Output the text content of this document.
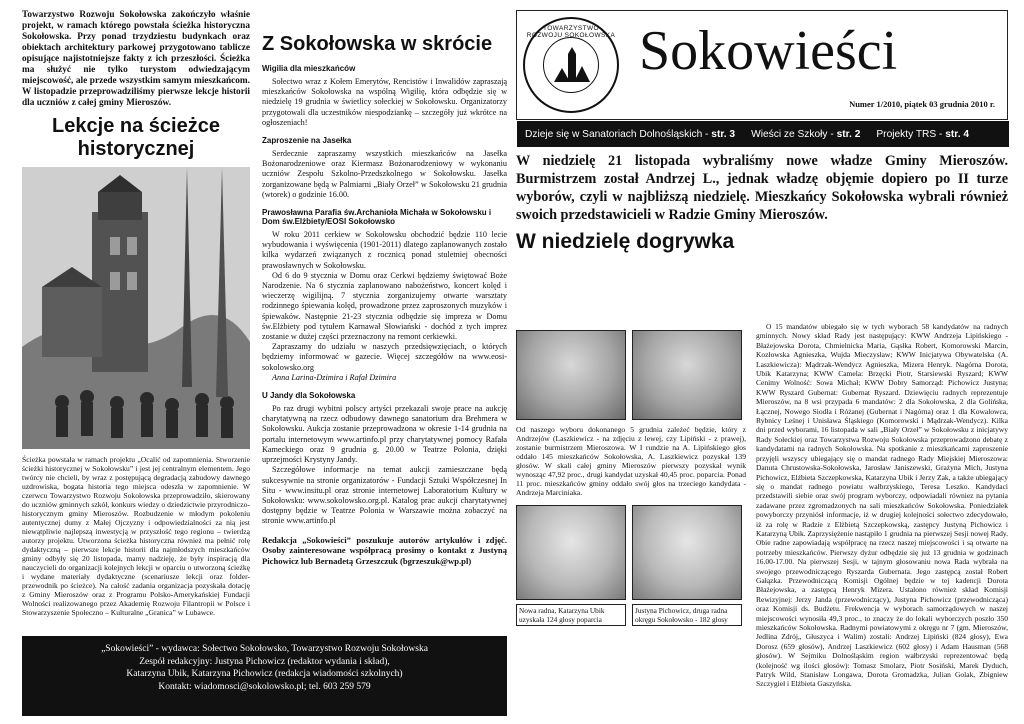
Towarzystwo Rozwoju Sokołowska zakończyło właśnie projekt, w ramach którego powstała ścieżka historyczna Sokołowska. Przy ponad trzydziestu budynkach oraz obiektach architektury parkowej przygotowano tablicze opisujące najistotniejsze fakty z ich przeszłości. Ścieżka ma służyć nie tylko turystom odwiedzającym miejscowość, ale przede wszystkim samym mieszkańcom. W listopadzie przeprowadziliśmy pierwsze lekcje historii dla uczniów z całej gminy Mieroszów.
Lekcje na ścieżce
historycznej
Ścieżka powstała w ramach projektu „Ocalić od zapomnienia. Stworzenie ścieżki historycznej w Sokołowsku” i jest jej centralnym elementem. Jego twórcy nie chcieli, by wraz z postępującą degradacją zabudowy dawnego uzdrowiska, bogata historia tego miejsca odeszła w zapomnienie. W czerwcu Towarzystwo Rozwoju Sokołowska przeprowadziło, skierowany do uczniów gminnych szkół, konkurs wiedzy o dziedzictwie przyrodniczo-historycznym gminy Mieroszów. Rozbudzenie w młodym pokoleniu autentycznej dumy z Małej Ojczyzny i odpowiedzialności za nią jest niewątpliwie najlepszą inwestycją w przyszłość tego regionu – twierdzą autorzy projektu. Utworzona ścieżka historyczna również ma pełnić rolę dydaktyczną – pierwsze lekcje historii dla najmłodszych mieszkańców gminy odbyły się 20 listopada, mamy nadzieję, że były inspiracją dla nauczycieli do organizacji kolejnych lekcji w oparciu o utworzoną ścieżkę i wydane materiały dydaktyczne (scenariusze lekcji oraz folder-przewodnik po ścieżce). Na całość zadania organizacja pozyskała dotację z Gminy Mieroszów oraz z Programu Polsko-Amerykańskiej Fundacji Wolności realizowanego przez Akademię Rozwoju Filantropii w Polsce i Stowarzyszenie Społeczno – Kulturalne „Granica” w Lubawce.
Z Sokołowska w skrócie
Wigilia dla mieszkańców

Sołectwo wraz z Kołem Emerytów, Rencistów i Inwalidów zapraszają mieszkańców Sokołowska na wspólną Wigilię, która odbędzie się w niedzielę 19 grudnia w świetlicy sołeckiej w Sokołowsku. Organizatorzy przygotowali dla uczestników niespodziankę – szczegóły już wkrótce na ogłoszeniach!

Zaproszenie na Jasełka

Serdecznie zapraszamy wszystkich mieszkańców na Jasełka Bożonarodzeniowe oraz Kiermasz Bożonarodzeniowy w wykonaniu uczniów Zespołu Szkolno-Przedszkolnego w Sokołowsku. Jasełka zorganizowane będą w Palmiarni „Biały Orzeł” w Sokołowsku 21 grudnia (wtorek) o godzinie 16.00.

Prawosławna Parafia św.Archanioła Michała w Sokołowsku i Dom św.Elżbiety/EOSI Sokołowsko

W roku 2011 cerkiew w Sokołowsku obchodzić będzie 110 lecie wybudowania i wyświęcenia (1901-2011) dlatego zaplanowanych zostało kilka wydarzeń związanych z rocznicą ponad stuletniej obecności prawosławnych w Sokołowsku.

Od 6 do 9 stycznia w Domu oraz Cerkwi będziemy świętować Boże Narodzenie. Na 6 stycznia zaplanowano nabożeństwo, koncert kolęd i wieczerzę wigilijną. 7 stycznia zorganizujemy otwarte warsztaty rodzinnego śpiewania kolęd, prowadzone przez zaproszonych muzyków i śpiewaków. Następnie 21-23 stycznia odbędzie się impreza w Domu św.Elżbiety pod tytułem Karnawał Słowiański - dochód z tych imprez zostanie w dużej części przeznaczony na remont cerkiewki.

Zapraszamy do udziału w naszych przedsięwzięciach, o których będziemy informować w gazecie. Więcej szczegółów na www.eosi-sokolowsko.org

Anna Larina-Dzimira i Rafał Dzimira

U Jandy dla Sokołowska

Po raz drugi wybitni polscy artyści przekazali swoje prace na aukcję charytatywną na rzecz odbudowy dawnego sanatorium dra Brehmera w Sokołowsku. Aukcja zostanie przeprowadzona w okresie 1-14 grudnia na portalu internetowym www.artinfo.pl przy charytatywnej pomocy Rafała Kameckiego oraz 9 grudnia g. 20.00 w Teatrze Polonia, dzięki uprzejmości Krystyny Jandy.

Szczegółowe informacje na temat aukcji zamieszczane będą sukcesywnie na stronie organizatorów - Fundacji Sztuki Współczesnej In Situ - www.insitu.pl oraz stronie internetowej Laboratorium Kultury w Sokołowsku: www.sokolowsko.org.pl. Katalog prac aukcji charytatywnej dostępny będzie w Teatrze Polonia w Warszawie można zobaczyć na stronie www.artinfo.pl

Redakcja „Sokowieści” poszukuje autorów artykułów i zdjęć. Osoby zainteresowane współpracą prosimy o kontakt z Justyną Pichowicz lub Bernadetą Grzeszczuk (bgrzeszuk@wp.pl)
„Sokowieści” - wydawca: Sołectwo Sokołowsko, Towarzystwo Rozwoju Sokołowska
Zespół redakcyjny: Justyna Pichowicz (redaktor wydania i skład),
Katarzyna Ubik, Katarzyna Pichowicz (redakcja wiadomości szkolnych)
Kontakt: wiadomosci@sokolowsko.pl; tel. 603 259 579
TOWARZYSTWO ROZWOJU SOKOŁOWSKA Sokowieści
Numer 1/2010, piątek 03 grudnia 2010 r.
Dzieje się w Sanatoriach Dolnośląskich - str. 3 Wieści ze Szkoły - str. 2 Projekty TRS - str. 4
W niedzielę 21 listopada wybraliśmy nowe władze Gminy Mieroszów. Burmistrzem został Andrzej L., jednak władzę objęmie dopiero po II turze wyborów, czyli w najbliższą niedzielę. Mieszkańcy Sokołowska wybrali również swoich przedstawicieli w Radzie Gminy Mieroszów.
W niedzielę dogrywka
Od naszego wyboru dokonanego 5 grudnia zależeć będzie, który z Andrzejów (Laszkiewicz - na zdjęciu z lewej, czy Lipiński - z prawej), zostanie burmistrzem Mieroszowa. W I rundzie na A. Lipińskiego głos oddało 145 mieszkańców Sokołowska, A. Laszkiewicz pozyskał 139 głosów. W skali całej gminy Mieroszów pierwszy pozyskał wynik wynosząc 47,92 proc., drugi kandydat uzyskał 40,45 proc. poparcia. Ponad 11 proc. mieszkańców gminy oddało swój głos na trzeciego kandydata - Andrzeja Marciniaka.
Nowa radna, Katarzyna Ubik uzyskała 124 głosy poparcia
Justyna Pichowicz, druga radna okręgu Sokołowsko - 182 głosy

O 15 mandatów ubiegało się w tych wyborach 58 kandydatów na radnych gminnych. Nowy skład Rady jest następujący: KWW Andrzeja Lipińskiego - Błażejowska Dorota, Chmielnicka Maria, Gąsłka Robert, Komorowski Marcin, Kozłowska Agnieszka, Wujda Mieczysław; KWW Inicjatywa Obywatelska (A. Laszkiewicza): Mądrzak-Wendycz Agnieszka, Mizera Henryk. Nagórna Dorota, Ubik Katarzyna; KWW Camela: Brzęcki Piotr, Starsiewski Ryszard; KWW Cenimy Wolność: Sowa Michał; KWW Dobry Samorząd: Pichowicz Justyna; KWW Ryszard Gubernat: Gubernat Ryszard. Dziewięciu radnych reprezentuje Mieroszów, na 8 wsi przypada 6 mandatów: 2 dla Sokołowska, 2 dla Golińska, Łącznej, Nowego Siodła i Różanej (Gubernat i Nagórna) oraz 1 dla Kowalowca, Rybnicy Leśnej i Unisława Śląskiego (Komorowski i Mądrzak-Wendycz). Kilka dni przed wyborami, 16 listopada w sali „Biały Orzeł” w Sokołowsku z inicjatywy Rady Sołeckiej oraz Towarzystwa Rozwoju Sokołowska przeprowadzono debatę z kandydatami na radnych Sokołowska. Na spotkanie z mieszkańcami zaproszenie przyjęli wszyscy ubiegający się o mandat radnego Rady Miejskiej Mieroszowa: Danuta Chrustowska-Sokołowska, Jarosław Janiszewski, Grażyna Mich, Justyna Pichowicz, Elżbieta Szczepkowska, Katarzyna Ubik i Jerzy Zak, a także ubiegający się o mandat radnego powiatu wałbrzyskiego, Teresa Leszko. Kandydaci przedstawili siebie oraz swój program wyborczy, odpowiadali równiez na pytania zadawane przez zgromadzonych na sali mieszkańców Sokołowska. Poniedziałek powyborczy przyniósł informacje, iż w drugiej kolejności sołectwo zdecydowało, iż za rolę w Radzie z Elżbietą Szczepkowską, zastępcy Justyną Pichowicz i Katarzyną Ubik. Zaprzysiężenie nastąpiło 1 grudnia na pierwszej Sesji nowej Rady. Obie radne zapowiadają współpracę na rzecz naszej miejscowości i są otwarte na potrzeby mieszkańców. Pierwszy dyżur odbędzie się już 13 grudnia w godzinach 16.00-17.00. Na pierwszej Sesji, w tajnym głosowaniu nowa Rada wybrała na swojego przewodniczącego Ryszarda Gubernata. Jego zastępcą został Robert Gałązka. Przewodniczącą Komisji Ogólnej będzie w tej kadencji Dorota Błażejowska, a zastępcą Henryk Mizera. Ustalono również skład Komisji Rewizyjnej: Jerzy Janda (przewodniczący), Justyna Pichowicz (przewodnicząca) oraz Komisji ds. Budżetu. Frekwencja w wyborach samorządowych w naszej miejscowości wynosiła 49,3 proc., to znaczy że do lokali wyborczych poszło 350 mieszkańców Sokołowska. Radnymi powiatowymi z okręgu nr 7 (gm. Mieroszów, Jedlina Zdrój,, Głuszyca i Walim) zostali: Andrzej Lipiński (824 głosy), Ewa Dorosz (659 głosów), Andrzej Laszkiewicz (602 głosy) i Adam Hausman (568 głosów). W Sejmiku Dolnośląskim region wałbrzyski reprezentować będą (kolejność wg ilości głosów): Tomasz Smolarz, Piotr Sosiński, Marek Dyduch, Patryk Wild, Stanisław Longawa, Dorota Gromadzka, Julian Golak, Zbigniew Szczygieł i Elżbieta Gaszyńska.
